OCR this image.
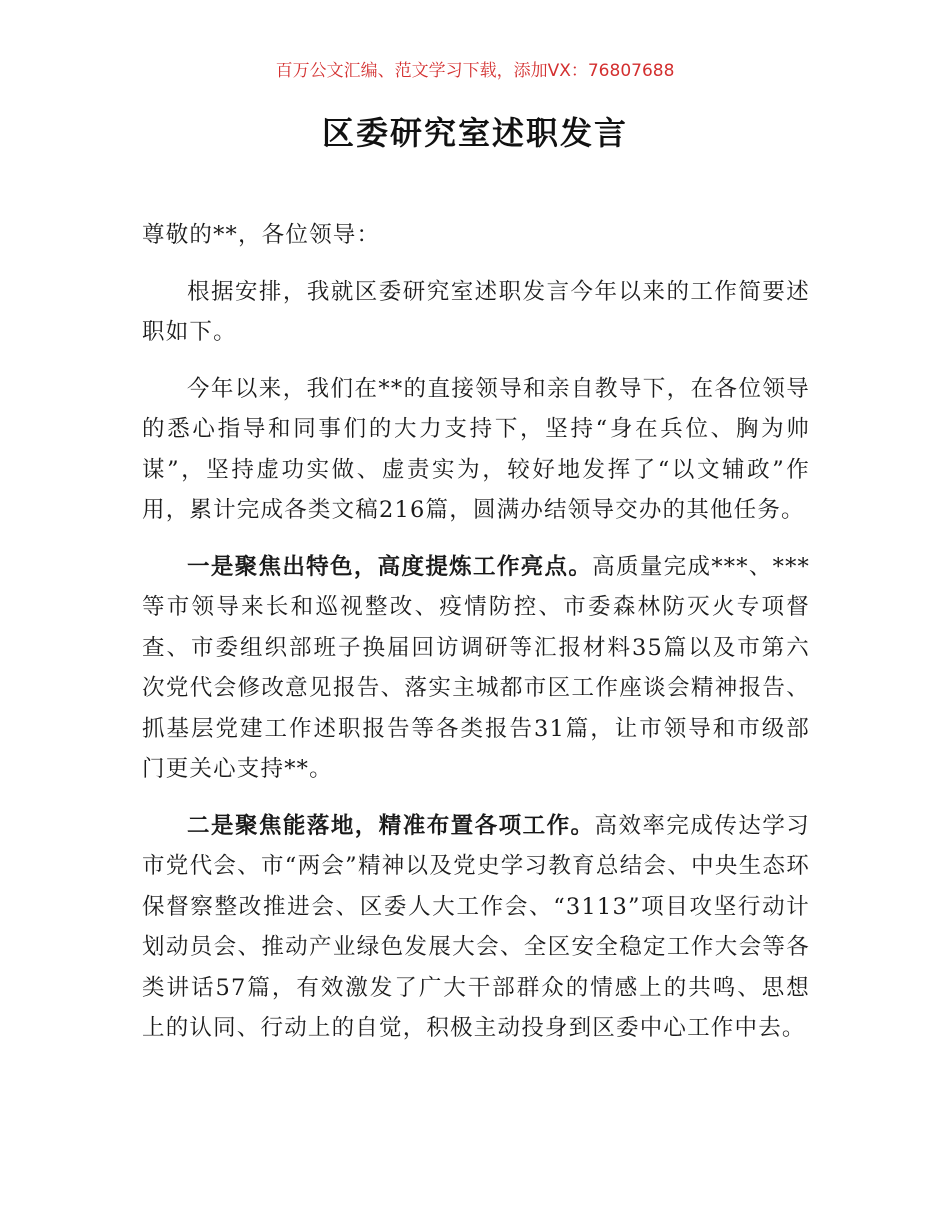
百万公文汇编、范文学习下载，添加VX：76807688
区委研究室述职发言

尊敬的**，各位领导：

根据安排，我就区委研究室述职发言今年以来的工作简要述职如下。

今年以来，我们在**的直接领导和亲自教导下，在各位领导的悉心指导和同事们的大力支持下，坚持“身在兵位、胸为帅谋”，坚持虚功实做、虚责实为，较好地发挥了“以文辅政”作用，累计完成各类文稿216篇，圆满办结领导交办的其他任务。

一是聚焦出特色，高度提炼工作亮点。高质量完成***、***等市领导来长和巡视整改、疫情防控、市委森林防灭火专项督查、市委组织部班子换届回访调研等汇报材料35篇以及市第六次党代会修改意见报告、落实主城都市区工作座谈会精神报告、抓基层党建工作述职报告等各类报告31篇，让市领导和市级部门更关心支持**。

二是聚焦能落地，精准布置各项工作。高效率完成传达学习市党代会、市“两会”精神以及党史学习教育总结会、中央生态环保督察整改推进会、区委人大工作会、“3113”项目攻坚行动计划动员会、推动产业绿色发展大会、全区安全稳定工作大会等各类讲话57篇，有效激发了广大干部群众的情感上的共鸣、思想上的认同、行动上的自觉，积极主动投身到区委中心工作中去。
